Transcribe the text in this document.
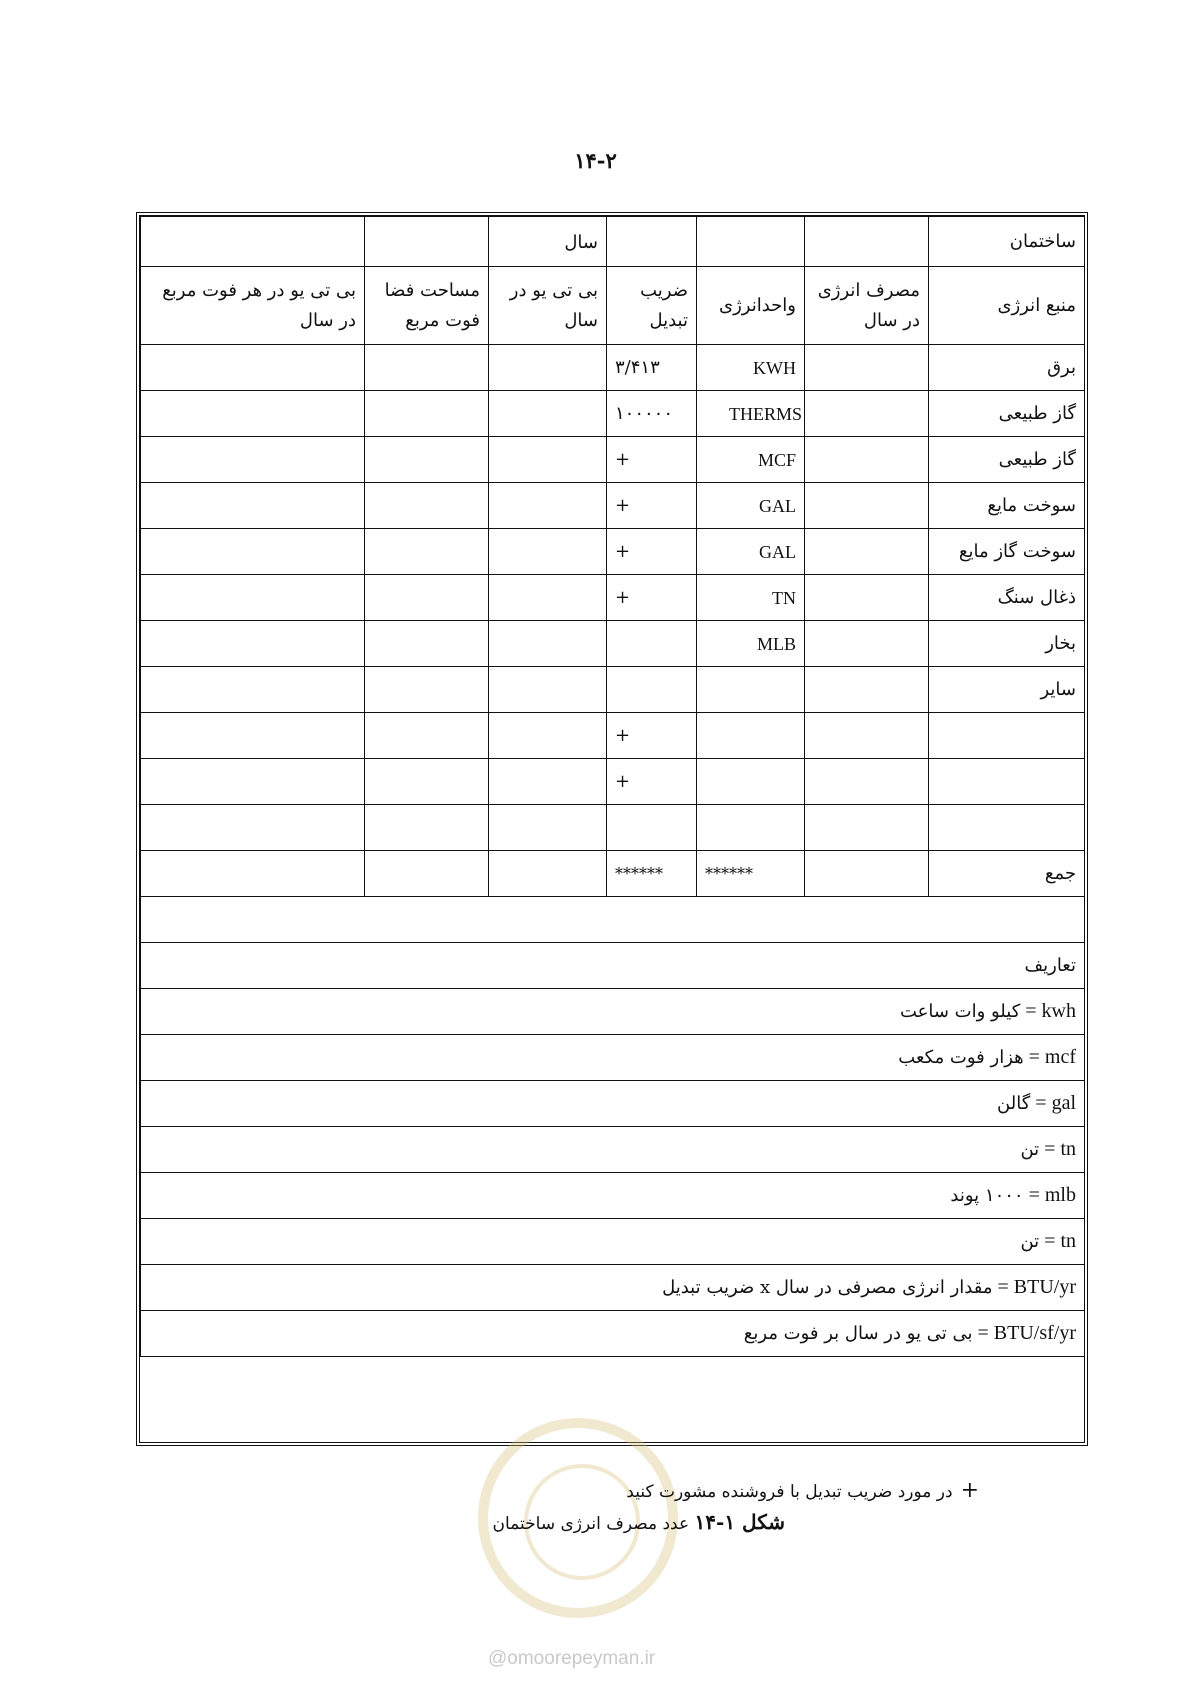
۱۴-۲
ساختمان				سال		
منبع انرژی	مصرف انرژی در سال	واحدانرژی	ضریب تبدیل	بی تی یو در سال	مساحت فضا فوت مربع	بی تی یو در هر فوت مربع در سال
برق		KWH	۳/۴۱۳			
گاز طبیعی		THERMS	۱۰۰۰۰۰			
گاز طبیعی		MCF	+			
سوخت مایع		GAL	+			
سوخت گاز مایع		GAL	+			
ذغال سنگ		TN	+			
بخار		MLB				
سایر						
			+			
			+			

جمع		******	******			

تعاریف						
kwh = کیلو وات ساعت						
mcf = هزار فوت مکعب						
gal = گالن						
tn = تن						
mlb = ۱۰۰۰ پوند						
tn = تن						
BTU/yr = مقدار انرژی مصرفی در سال x ضریب تبدیل						
BTU/sf/yr = بی تی یو در سال بر فوت مربع						
+در مورد ضریب تبدیل با فروشنده مشورت کنید
شکل ۱-۱۴ عدد مصرف انرژی ساختمان
@omoorepeyman.ir
